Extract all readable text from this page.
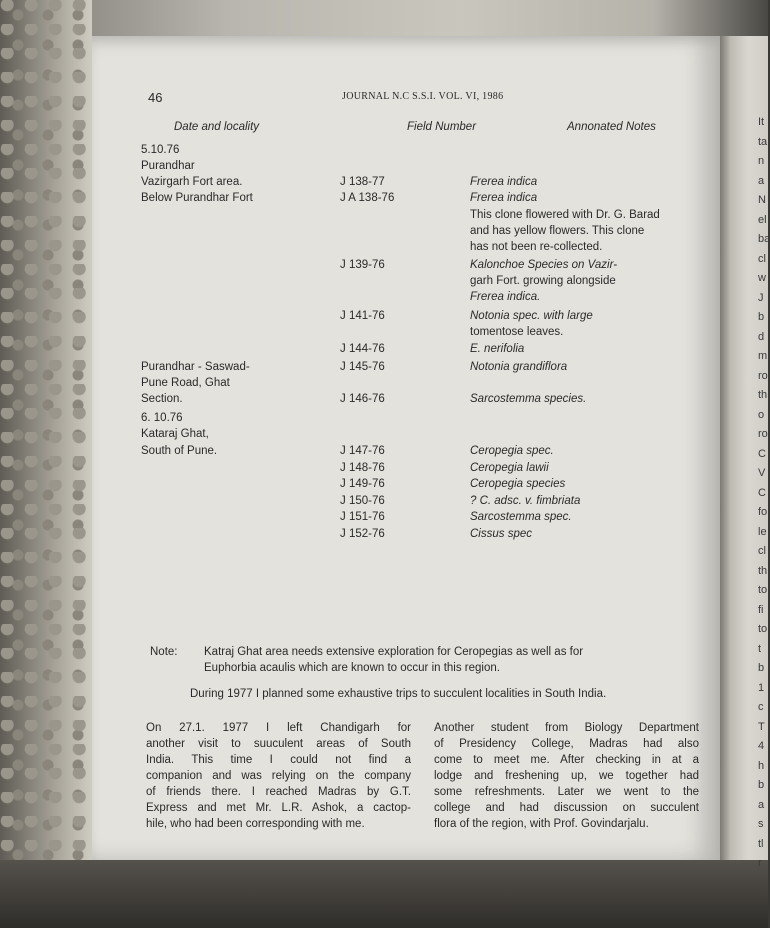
It
ta
n
a
N
el
ba
cl
w
J
b
d
m
ro
th
o
ro
C
V
C
fo
le
cl
th
to
fi
to
t
b
1
c
T
4
h
b
a
s
tl
r
46	JOURNAL N.C S.S.I. VOL. VI, 1986
Date and locality	Field Number	Annonated Notes
5.10.76
Purandhar
Vazirgarh Fort area.	J 138-77	Frerea indica
Below Purandhar Fort	J A 138-76	Frerea indica
This clone flowered with Dr. G. Barad
and has yellow flowers. This clone
has not been re-collected.
J 139-76	Kalonchoe Species on Vazir-
garh Fort. growing alongside
Frerea indica.
J 141-76	Notonia spec. with large
tomentose leaves.
J 144-76	E. nerifolia
Purandhar - Saswad-	J 145-76	Notonia grandiflora
Pune Road, Ghat
Section.	J 146-76	Sarcostemma species.
6. 10.76
Kataraj Ghat,
South of Pune.	J 147-76	Ceropegia spec.
J 148-76	Ceropegia lawii
J 149-76	Ceropegia species
J 150-76	? C. adsc. v. fimbriata
J 151-76	Sarcostemma spec.
J 152-76	Cissus spec
Note: Katraj Ghat area needs extensive exploration for Ceropegias as well as for
Euphorbia acaulis which are known to occur in this region.
During 1977 I planned some exhaustive trips to succulent localities in South India.
On 27.1. 1977 I left Chandigarh for
another visit to suuculent areas of South
India. This time I could not find a
companion and was relying on the company
of friends there. I reached Madras by G.T.
Express and met Mr. L.R. Ashok, a cactop-
hile, who had been corresponding with me.
Another student from Biology Department
of Presidency College, Madras had also
come to meet me. After checking in at a
lodge and freshening up, we together had
some refreshments. Later we went to the
college and had discussion on succulent
flora of the region, with Prof. Govindarjalu.
